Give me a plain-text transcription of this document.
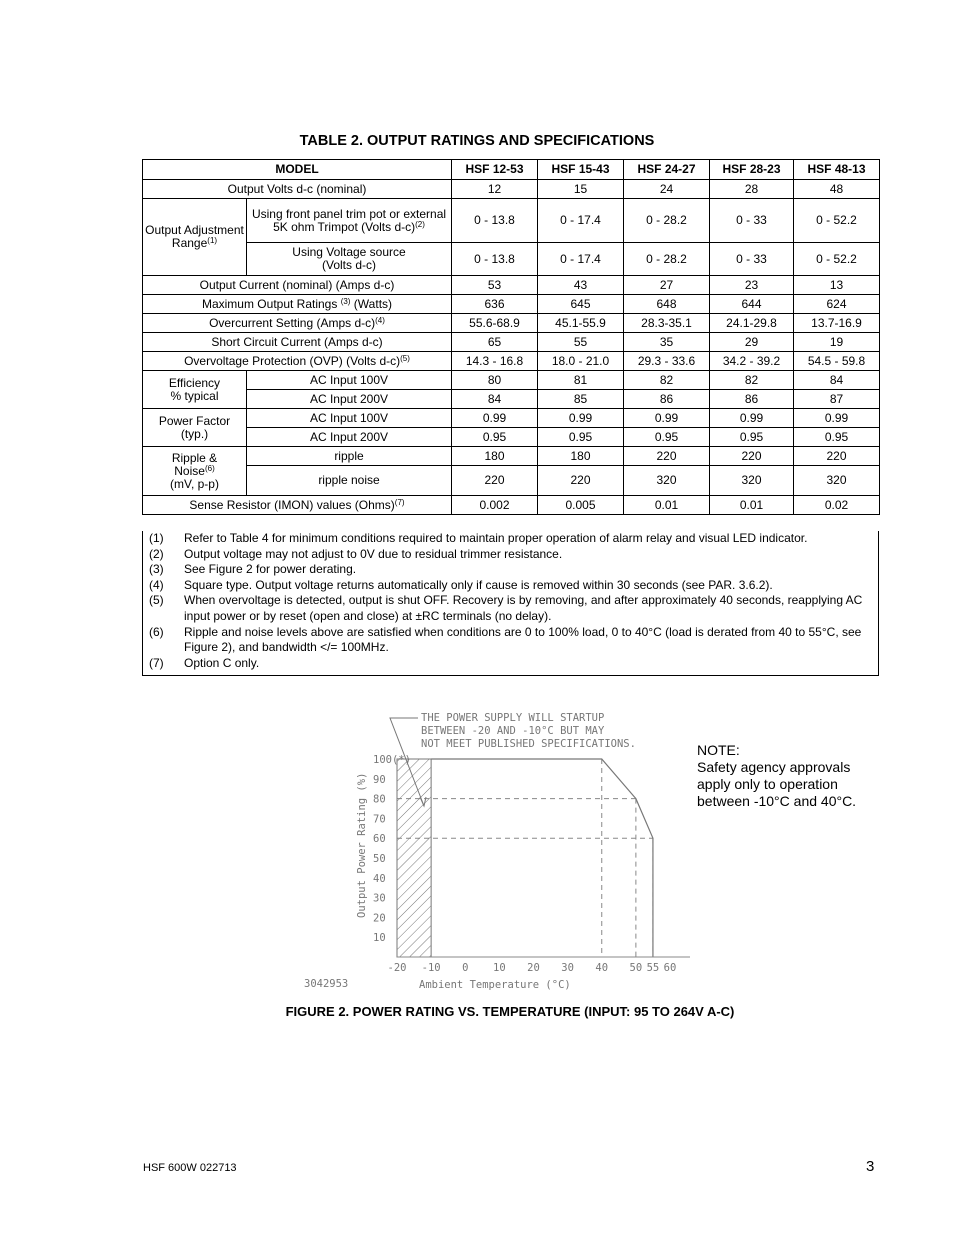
TABLE 2. OUTPUT RATINGS AND SPECIFICATIONS
MODEL		HSF 12-53	HSF 15-43	HSF 24-27	HSF 28-23	HSF 48-13
Output Volts d-c (nominal)		12	15	24	28	48
Output Adjustment Range$^{(1)}$	Using front panel trim pot or external 5K ohm Trimpot (Volts d-c)$^{(2)}$	0 - 13.8	0 - 17.4	0 - 28.2	0 - 33	0 - 52.2
	Using Voltage source
(Volts d-c)	0 - 13.8	0 - 17.4	0 - 28.2	0 - 33	0 - 52.2
Output Current (nominal) (Amps d-c)		53	43	27	23	13
Maximum Output Ratings $^{(3)}$ (Watts)		636	645	648	644	624
Overcurrent Setting (Amps d-c)$^{(4)}$		55.6-68.9	45.1-55.9	28.3-35.1	24.1-29.8	13.7-16.9
Short Circuit Current (Amps d-c)		65	55	35	29	19
Overvoltage Protection (OVP) (Volts d-c)$^{(5)}$		14.3 - 16.8	18.0 - 21.0	29.3 - 33.6	34.2 - 39.2	54.5 - 59.8
Efficiency
% typical	AC Input 100V	80	81	82	82	84
	AC Input 200V	84	85	86	86	87
Power Factor
(typ.)	AC Input 100V	0.99	0.99	0.99	0.99	0.99
	AC Input 200V	0.95	0.95	0.95	0.95	0.95
Ripple &
Noise$^{(6)}$
(mV, p-p)	ripple	180	180	220	220	220
	ripple noise	220	220	320	320	320
Sense Resistor (IMON) values (Ohms)$^{(7)}$		0.002	0.005	0.01	0.01	0.02
(1)	Refer to Table 4 for minimum conditions required to maintain proper operation of alarm relay and visual LED indicator.
(2)	Output voltage may not adjust to 0V due to residual trimmer resistance.
(3)	See Figure 2 for power derating.
(4)	Square type. Output voltage returns automatically only if cause is removed within 30 seconds (see PAR. 3.6.2).
(5)	When overvoltage is detected, output is shut OFF. Recovery is by removing, and after approximately 40 seconds, reapplying AC input power or by reset (open and close) at ±RC terminals (no delay).
(6)	Ripple and noise levels above are satisfied when conditions are 0 to 100% load, 0 to 40°C (load is derated from 40 to 55°C, see Figure 2), and bandwidth </= 100MHz.
(7)	Option C only.
10
20
30
40
50
60
70
80
90
100(*)
-20 -10 0 10 20 30 40 50 55 60
Output Power Rating (%)
Ambient Temperature (°C)
3042953
THE POWER SUPPLY WILL STARTUP
BETWEEN -20 AND -10°C BUT MAY
NOT MEET PUBLISHED SPECIFICATIONS.	NOTE:
Safety agency approvals
apply only to operation
between -10°C and 40°C.
FIGURE 2. POWER RATING VS. TEMPERATURE (INPUT: 95 TO 264V A-C)
HSF 600W 022713	3
